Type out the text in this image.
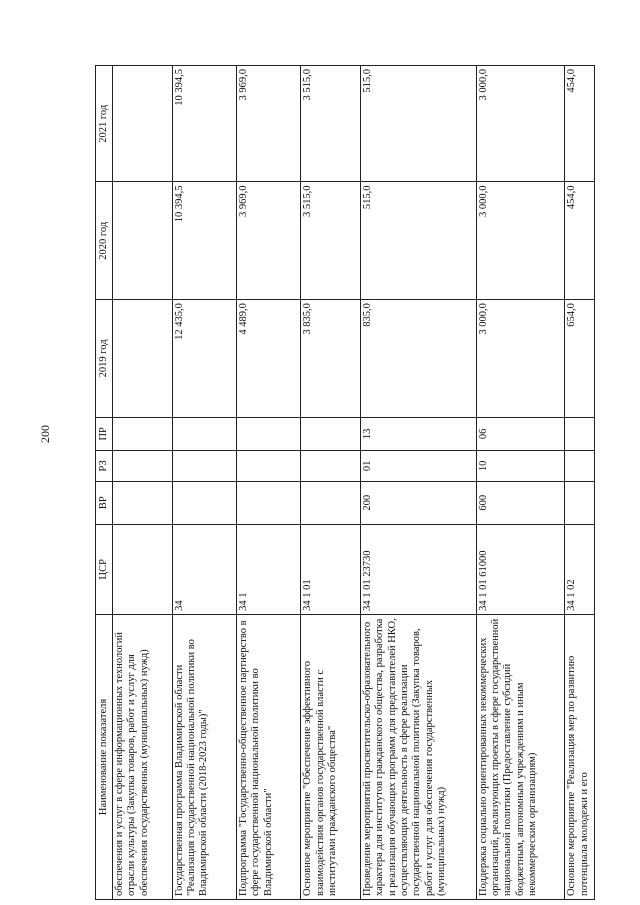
200
Наименование показателя	ЦСР	ВР	РЗ	ПР	2019 год	2020 год	2021 год
обеспечения и услуг в сфере информационных технологий отрасли культуры (Закупка товаров, работ и услуг для обеспечения государственных (муниципальных) нужд)							
Государственная программа Владимирской области "Реализация государственной национальной политики во Владимирской области (2018-2023 годы)"	34				12 435,0	10 394,5	10 394,5
Подпрограмма "Государственно-общественное партнерство в сфере государственной национальной политики во Владимирской области"	34 1				4 489,0	3 969,0	3 969,0
Основное мероприятие "Обеспечение эффективного взаимодействия органов государственной власти с институтами гражданского общества"	34 1 01				3 835,0	3 515,0	3 515,0
Проведение мероприятий просветительско-образовательного характера для институтов гражданского общества, разработка и реализация обучающих программ для представителей НКО, осуществляющих деятельность в сфере реализации государственной национальной политики (Закупка товаров, работ и услуг для обеспечения государственных (муниципальных) нужд)	34 1 01 23730	200	01	13	835,0	515,0	515,0
Поддержка социально ориентированных некоммерческих организаций, реализующих проекты в сфере государственной национальной политики (Предоставление субсидий бюджетным, автономным учреждениям и иным некоммерческим организациям)	34 1 01 61000	600	10	06	3 000,0	3 000,0	3 000,0
Основное мероприятие "Реализация мер по развитию потенциала молодежи и его	34 1 02				654,0	454,0	454,0
